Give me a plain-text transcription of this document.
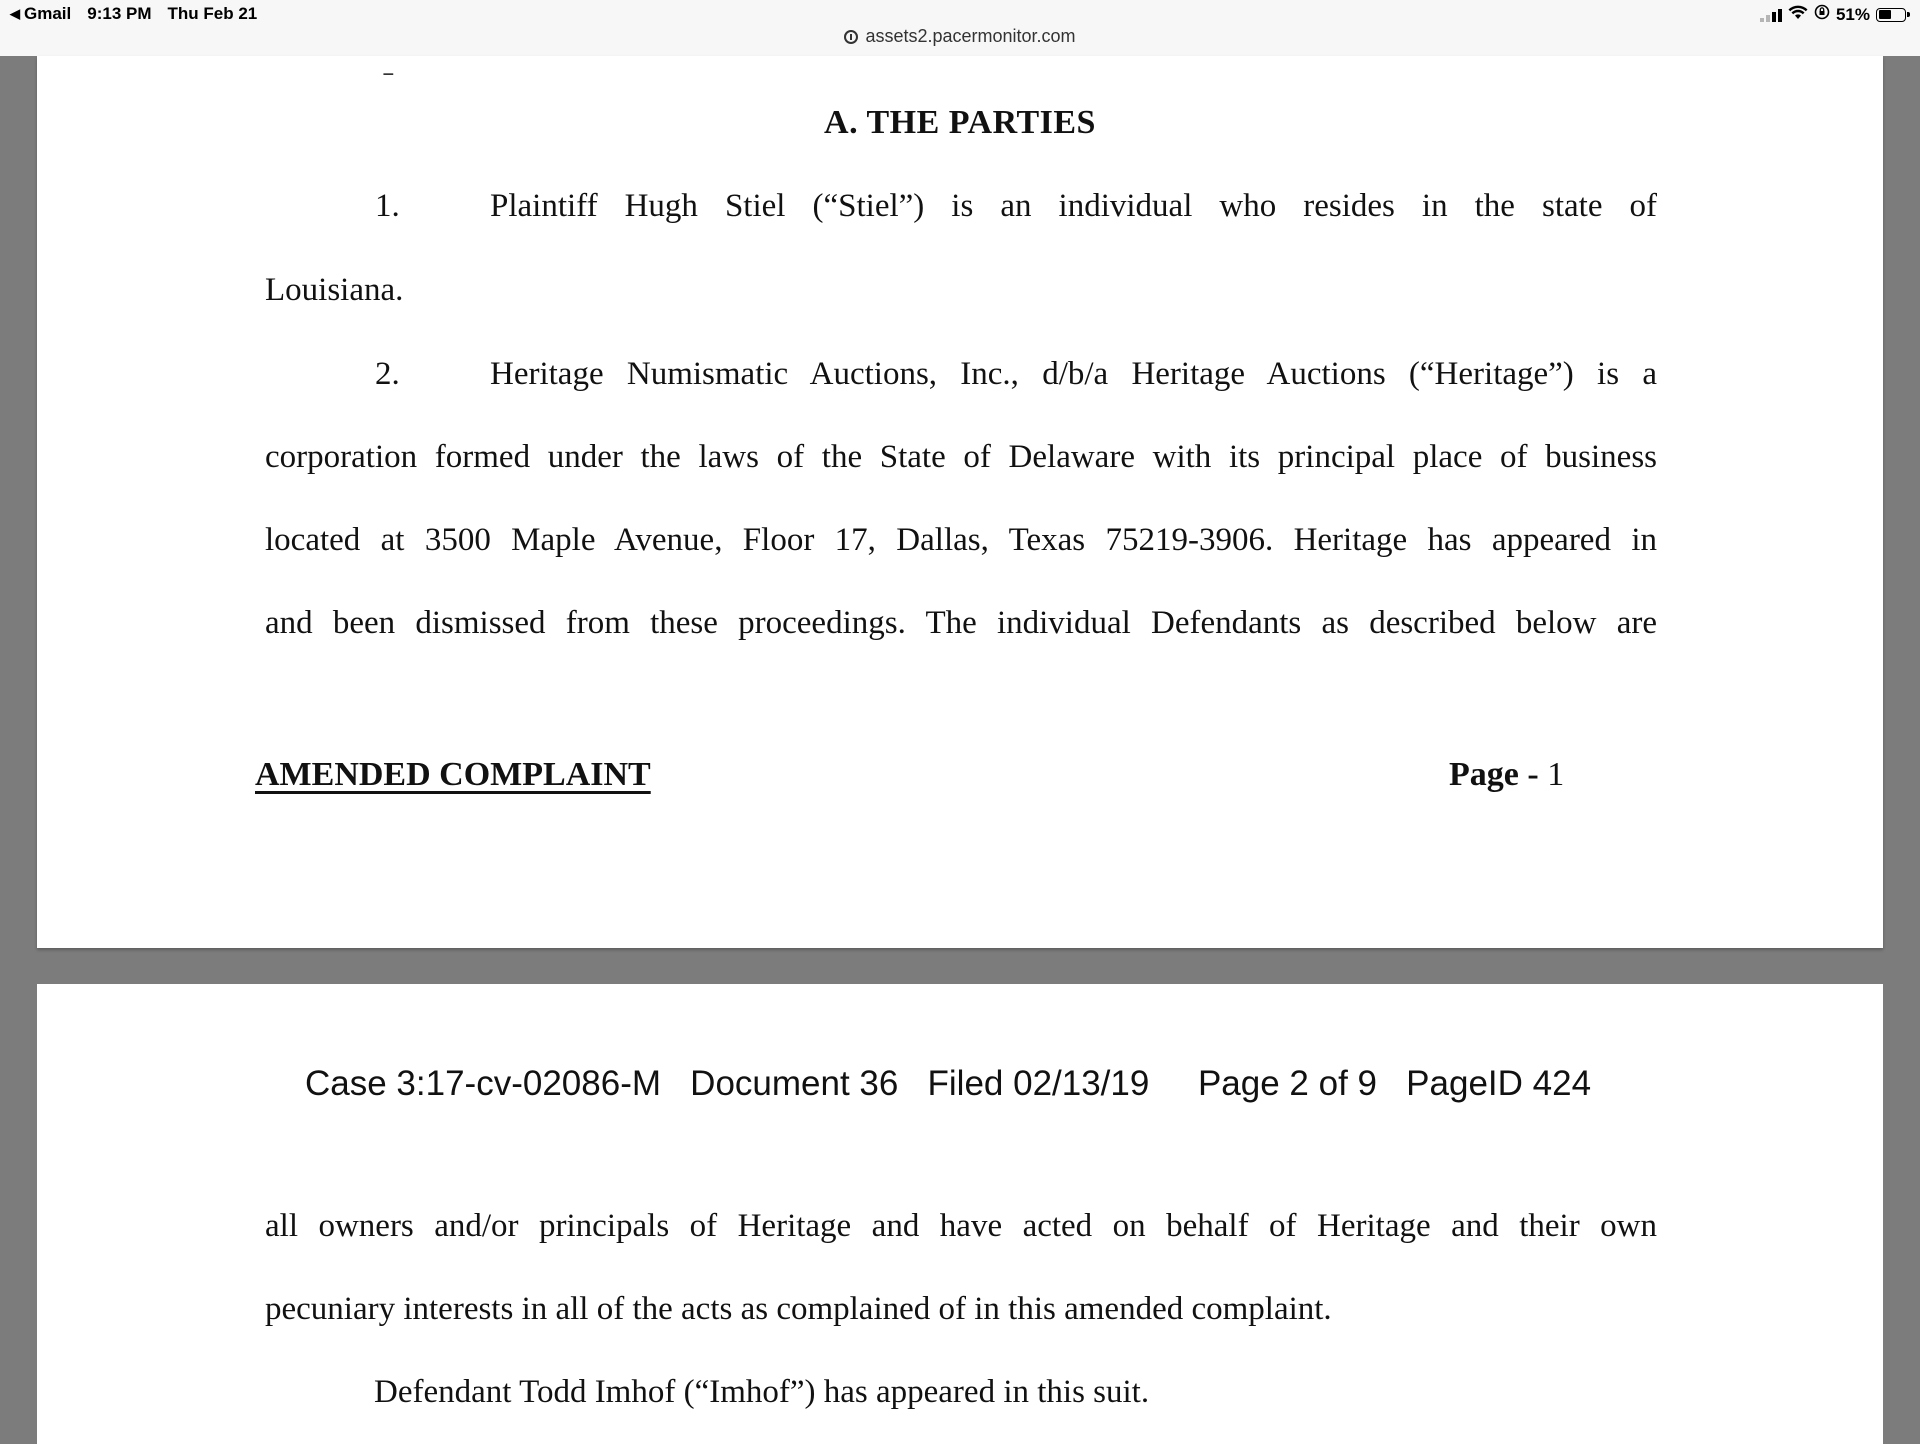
◀ Gmail 9:13 PM Thu Feb 21	51%
assets2.pacermonitor.com
ˍ
A. THE PARTIES
1.	Plaintiff Hugh Stiel (“Stiel”) is an individual who resides in the state of
Louisiana.
2.	Heritage Numismatic Auctions, Inc., d/b/a Heritage Auctions (“Heritage”) is a
corporation formed under the laws of the State of Delaware with its principal place of business
located at 3500 Maple Avenue, Floor 17, Dallas, Texas 75219-3906. Heritage has appeared in
and been dismissed from these proceedings. The individual Defendants as described below are
AMENDED COMPLAINT	Page - 1
Case 3:17-cv-02086-M   Document 36   Filed 02/13/19     Page 2 of 9   PageID 424
all owners and/or principals of Heritage and have acted on behalf of Heritage and their own
pecuniary interests in all of the acts as complained of in this amended complaint.
Defendant Todd Imhof (“Imhof”) has appeared in this suit.
